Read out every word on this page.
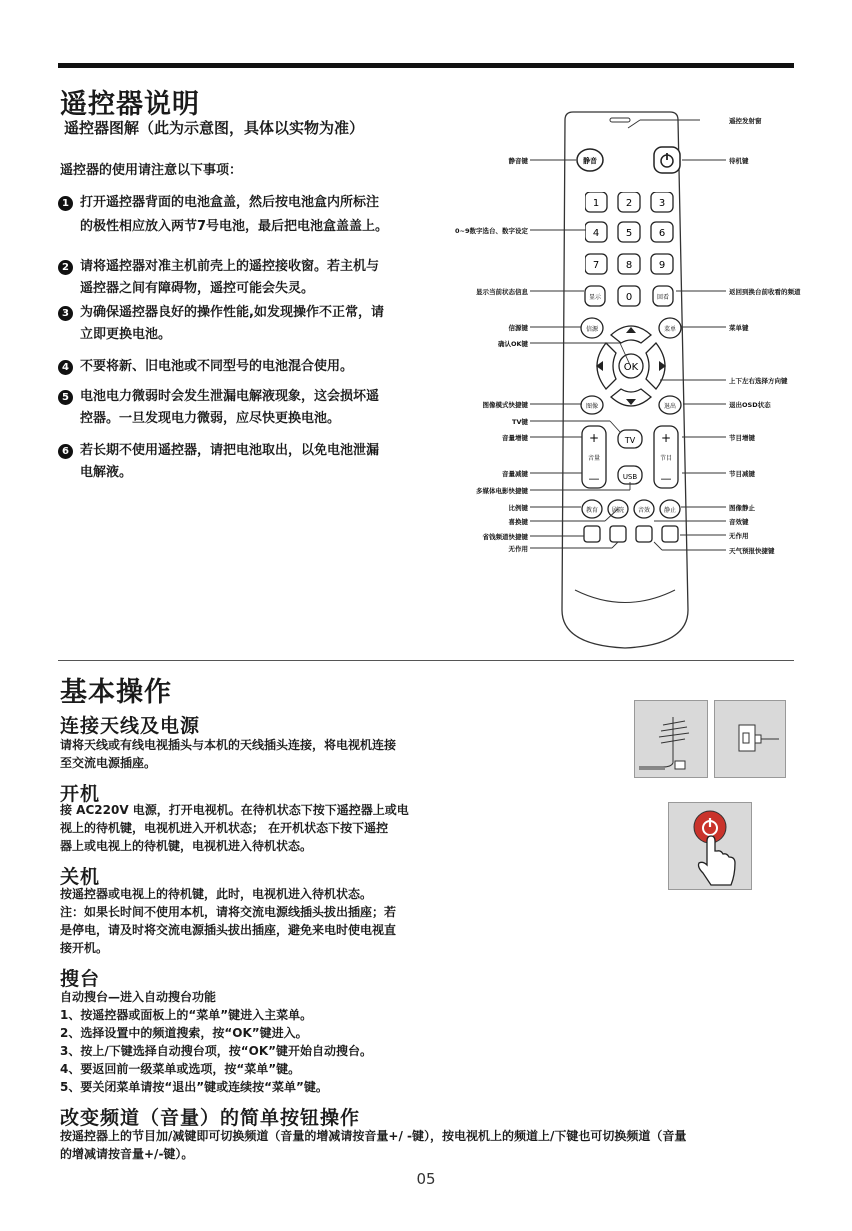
遥控器说明
遥控器图解（此为示意图，具体以实物为准）
遥控器的使用请注意以下事项：
1 打开遥控器背面的电池盒盖，然后按电池盒内所标注
的极性相应放入两节7号电池，最后把电池盒盖盖上。
2 请将遥控器对准主机前壳上的遥控接收窗。若主机与
遥控器之间有障碍物，遥控可能会失灵。
3 为确保遥控器良好的操作性能,如发现操作不正常，请
立即更换电池。
4 不要将新、旧电池或不同型号的电池混合使用。
5 电池电力微弱时会发生泄漏电解液现象，这会损坏遥
控器。一旦发现电力微弱，应尽快更换电池。
6 若长期不使用遥控器，请把电池取出，以免电池泄漏
电解液。
静音
1	2	3
4	5	6
7	8	9
显示 0	回看
信源	菜单
OK
图像	退出
+
音量
—
TV
USB
+
节目
—
教育 剧院 音效 静止
静音键
0~9数字选台、数字设定
显示当前状态信息
信源键
确认OK键
图像模式快捷键
TV键
音量增键
音量减键
多媒体电影快捷键
比例键
喜换键
省钱频道快捷键
无作用
遥控发射窗
待机键
返回到换台前收看的频道
菜单键
上下左右选择方向键
退出OSD状态
节目增键
节目减键
图像静止
音效键
无作用
天气预报快捷键
基本操作
连接天线及电源
请将天线或有线电视插头与本机的天线插头连接，将电视机连接
至交流电源插座。
开机
接 AC220V 电源，打开电视机。在待机状态下按下遥控器上或电
视上的待机键，电视机进入开机状态； 在开机状态下按下遥控
器上或电视上的待机键，电视机进入待机状态。
关机
按遥控器或电视上的待机键，此时，电视机进入待机状态。
注：如果长时间不使用本机，请将交流电源线插头拔出插座；若
是停电，请及时将交流电源插头拔出插座，避免来电时使电视直
接开机。
搜台
自动搜台—进入自动搜台功能
1、按遥控器或面板上的“菜单”键进入主菜单。
2、选择设置中的频道搜索，按“OK”键进入。
3、按上/下键选择自动搜台项，按“OK”键开始自动搜台。
4、要返回前一级菜单或选项，按“菜单”键。
5、要关闭菜单请按“退出”键或连续按“菜单”键。
改变频道（音量）的简单按钮操作
按遥控器上的节目加/减键即可切换频道（音量的增减请按音量+/ -键），按电视机上的频道上/下键也可切换频道（音量
的增减请按音量+/-键）。
05
